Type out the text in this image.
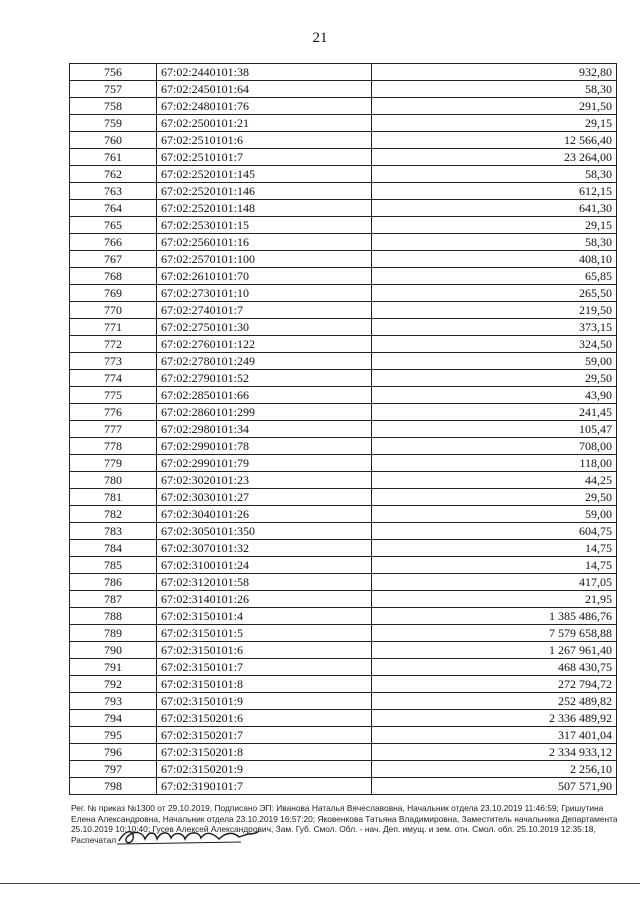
21
756	67:02:2440101:38	932,80
757	67:02:2450101:64	58,30
758	67:02:2480101:76	291,50
759	67:02:2500101:21	29,15
760	67:02:2510101:6	12 566,40
761	67:02:2510101:7	23 264,00
762	67:02:2520101:145	58,30
763	67:02:2520101:146	612,15
764	67:02:2520101:148	641,30
765	67:02:2530101:15	29,15
766	67:02:2560101:16	58,30
767	67:02:2570101:100	408,10
768	67:02:2610101:70	65,85
769	67:02:2730101:10	265,50
770	67:02:2740101:7	219,50
771	67:02:2750101:30	373,15
772	67:02:2760101:122	324,50
773	67:02:2780101:249	59,00
774	67:02:2790101:52	29,50
775	67:02:2850101:66	43,90
776	67:02:2860101:299	241,45
777	67:02:2980101:34	105,47
778	67:02:2990101:78	708,00
779	67:02:2990101:79	118,00
780	67:02:3020101:23	44,25
781	67:02:3030101:27	29,50
782	67:02:3040101:26	59,00
783	67:02:3050101:350	604,75
784	67:02:3070101:32	14,75
785	67:02:3100101:24	14,75
786	67:02:3120101:58	417,05
787	67:02:3140101:26	21,95
788	67:02:3150101:4	1 385 486,76
789	67:02:3150101:5	7 579 658,88
790	67:02:3150101:6	1 267 961,40
791	67:02:3150101:7	468 430,75
792	67:02:3150101:8	272 794,72
793	67:02:3150101:9	252 489,82
794	67:02:3150201:6	2 336 489,92
795	67:02:3150201:7	317 401,04
796	67:02:3150201:8	2 334 933,12
797	67:02:3150201:9	2 256,10
798	67:02:3190101:7	507 571,90
Рег. № приказ №1300 от 29.10.2019, Подписано ЭП: Иванова Наталья Вячеславовна, Начальник отдела 23.10.2019 11:46:59; Гришутина Елена Александровна, Начальник отдела 23.10.2019 16:57:20; Яковенкова Татьяна Владимировна, Заместитель начальника Департамента 25.10.2019 10:10:40; Гусев Алексей Александрович, Зам. Губ. Смол. Обл. - нач. Деп. имущ. и зем. отн. Смол. обл. 25.10.2019 12:35:18,
Распечатал
